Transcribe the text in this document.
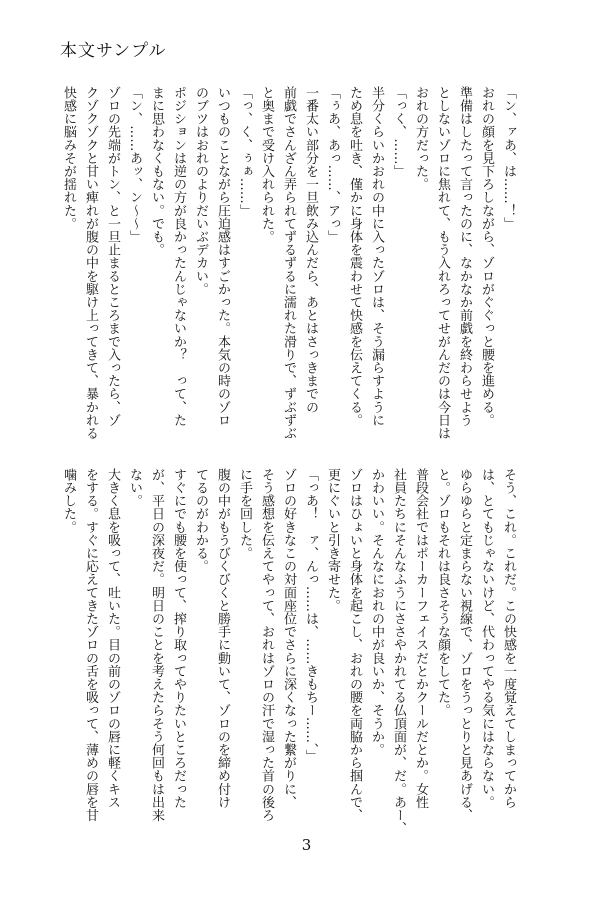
本文サンプル

「ン、ァあ、は……！」
おれの顔を見下ろしながら、ゾロがぐぐっと腰を進める。
準備はしたって言ったのに、なかなか前戯を終わらせよう
としないゾロに焦れて、もう入れろってせがんだのは今日は
おれの方だった。
「っく、……」
半分くらいかおれの中に入ったゾロは、そう漏らすように
ため息を吐き、僅かに身体を震わせて快感を伝えてくる。
「ぅあ、あっ……、アっ」
一番太い部分を一旦飲み込んだら、あとはさっきまでの
前戯でさんざん弄られてずるずるに濡れた滑りで、ずぶずぶ
と奥まで受け入れられた。
「っ、く、ぅぁ……」
いつものことながら圧迫感はすごかった。本気の時のゾロ
のブツはおれのよりだいぶデカい。
ポジションは逆の方が良かったんじゃないか？　って、た
まに思わなくもない。でも。
「ン、……あッ、ン〜〜」
ゾロの先端がトン、と一旦止まるところまで入ったら、ゾ
クゾクゾクと甘い痺れが腹の中を駆け上ってきて、暴かれる
快感に脳みそが揺れた。

そう、これ。これだ。この快感を一度覚えてしまってから
は、とてもじゃないけど、代わってやる気にはならない。
ゆらゆらと定まらない視線で、ゾロをうっとりと見あげる、
と。ゾロもそれは良さそうな顔をしてた。
普段会社ではポーカーフェイスだとかクールだとか。女性
社員たちにそんなふうにささやかれてる仏頂面が、だ。あー、
かわいい。そんなにおれの中が良いか、そうか。
ゾロはひょいと身体を起こし、おれの腰を両脇から掴んで、
更にぐいと引き寄せた。
「っあ！　ァ、んっ……は、……きもちー……、」
ゾロの好きなこの対面座位でさらに深くなった繋がりに、
そう感想を伝えてやって、おれはゾロの汗で湿った首の後ろ
に手を回した。
腹の中がもうびくびくと勝手に動いて、ゾロのを締め付け
てるのがわかる。
すぐにでも腰を使って、搾り取ってやりたいところだった
が、平日の深夜だ。明日のことを考えたらそう何回もは出来
ない。
大きく息を吸って、吐いた。目の前のゾロの唇に軽くキス
をする。すぐに応えてきたゾロの舌を吸って、薄めの唇を甘
噛みした。

3
